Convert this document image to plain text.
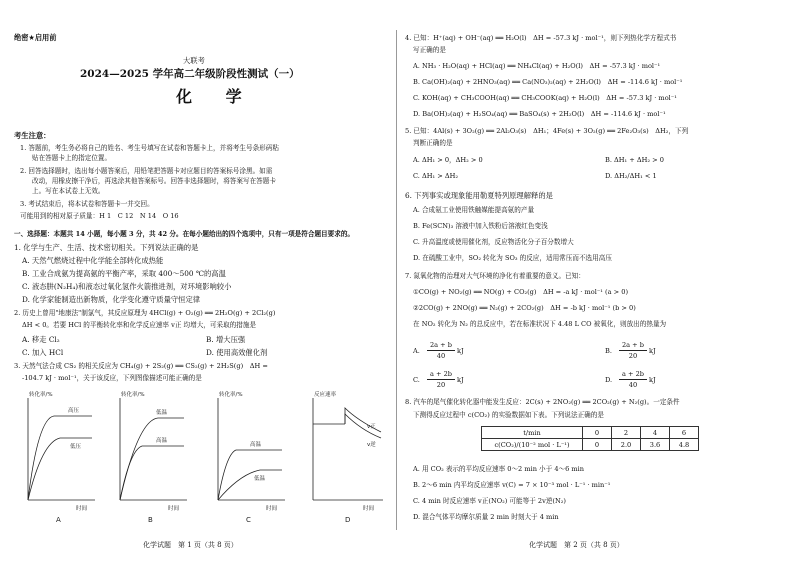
绝密★启用前
大联考
2024—2025 学年高二年级阶段性测试（一）
化 学
考生注意：
1. 答题前，考生务必将自己的姓名、考生号填写在试卷和答题卡上，并将考生号条形码粘
贴在答题卡上的指定位置。
2. 回答选择题时，选出每小题答案后，用铅笔把答题卡对应题目的答案标号涂黑。如需
改动，用橡皮擦干净后，再选涂其他答案标号。回答非选择题时，将答案写在答题卡
上。写在本试卷上无效。
3. 考试结束后，将本试卷和答题卡一并交回。
可能用到的相对原子质量：H 1　C 12　N 14　O 16
一、选择题：本题共 14 小题，每小题 3 分，共 42 分。在每小题给出的四个选项中，只有一项是符合题目要求的。
1. 化学与生产、生活、技术密切相关。下列说法正确的是
A. 天然气燃烧过程中化学能全部转化成热能
B. 工业合成氨为提高氨的平衡产率，采取 400～500 ℃的高温
C. 液态肼(N₂H₄)和液态过氧化氢作火箭推进剂，对环境影响较小
D. 化学家能制造出新物质，化学变化遵守质量守恒定律
2. 历史上曾用"地康法"制氯气，其反应原理为 4HCl(g) + O₂(g) ══ 2H₂O(g) + 2Cl₂(g)
ΔH < 0。若要 HCl 的平衡转化率和化学反应速率 v正 均增大，可采取的措施是
A. 移走 Cl₂	B. 增大压强
C. 加入 HCl	D. 使用高效催化剂
3. 天然气法合成 CS₂ 的相关反应为 CH₄(g) + 2S₂(g) ══ CS₂(g) + 2H₂S(g)　ΔH =
-104.7 kJ · mol⁻¹，关于该反应，下列图像描述可能正确的是
转化率/%
时间
高压
低压
A
转化率/%
时间
低温
高温
B
转化率/%
时间
高温
低温
C
反应速率
时间
v正
v逆
D
化学试题　第 1 页（共 8 页）
4. 已知：H⁺(aq) + OH⁻(aq) ══ H₂O(l)　ΔH = -57.3 kJ · mol⁻¹，则下列热化学方程式书
写正确的是
A. NH₃ · H₂O(aq) + HCl(aq) ══ NH₄Cl(aq) + H₂O(l)　ΔH = -57.3 kJ · mol⁻¹
B. Ca(OH)₂(aq) + 2HNO₃(aq) ══ Ca(NO₃)₂(aq) + 2H₂O(l)　ΔH = -114.6 kJ · mol⁻¹
C. KOH(aq) + CH₃COOH(aq) ══ CH₃COOK(aq) + H₂O(l)　ΔH = -57.3 kJ · mol⁻¹
D. Ba(OH)₂(aq) + H₂SO₄(aq) ══ BaSO₄(s) + 2H₂O(l)　ΔH = -114.6 kJ · mol⁻¹
5. 已知：4Al(s) + 3O₂(g) ══ 2Al₂O₃(s)　ΔH₁；4Fe(s) + 3O₂(g) ══ 2Fe₂O₃(s)　ΔH₂，下列
判断正确的是
A. ΔH₁ > 0，ΔH₂ > 0	B. ΔH₁ + ΔH₂ > 0
C. ΔH₁ > ΔH₂	D. ΔH₂/ΔH₁ < 1
6. 下列事实或现象能用勒夏特列原理解释的是
A. 合成氨工业使用铁触媒能提高氨的产量
B. Fe(SCN)₃ 溶液中加入铁粉后溶液红色变浅
C. 升高温度或使用催化剂，反应物活化分子百分数增大
D. 在硫酸工业中，SO₂ 转化为 SO₃ 的反应，适用常压而不选用高压
7. 氮氧化物的治理对大气环境的净化有着重要的意义。已知：
①CO(g) + NO₂(g) ══ NO(g) + CO₂(g)　ΔH = -a kJ · mol⁻¹ (a > 0)
②2CO(g) + 2NO(g) ══ N₂(g) + 2CO₂(g)　ΔH = -b kJ · mol⁻¹ (b > 0)
在 NO₂ 转化为 N₂ 的总反应中，若在标准状况下 4.48 L CO 被氧化，则放出的热量为
A.
2a + b
40
kJ	B.
2a + b
20
kJ
C.
a + 2b
20
kJ	D.
a + 2b
40
kJ
8. 汽车的尾气催化转化器中能发生反应：2C(s) + 2NO₂(g) ══ 2CO₂(g) + N₂(g)。一定条件
下测得反应过程中 c(CO₂) 的实验数据如下表。下列说法正确的是
t/min	0	2	4	6
c(CO₂)/(10⁻² mol · L⁻¹)	0	2.0	3.6	4.8
A. 用 CO₂ 表示的平均反应速率 0～2 min 小于 4～6 min
B. 2～6 min 内平均反应速率 v(C) = 7 × 10⁻³ mol · L⁻¹ · min⁻¹
C. 4 min 时反应速率 v正(NO₂) 可能等于 2v逆(N₂)
D. 混合气体平均摩尔质量 2 min 时刻大于 4 min
化学试题　第 2 页（共 8 页）
